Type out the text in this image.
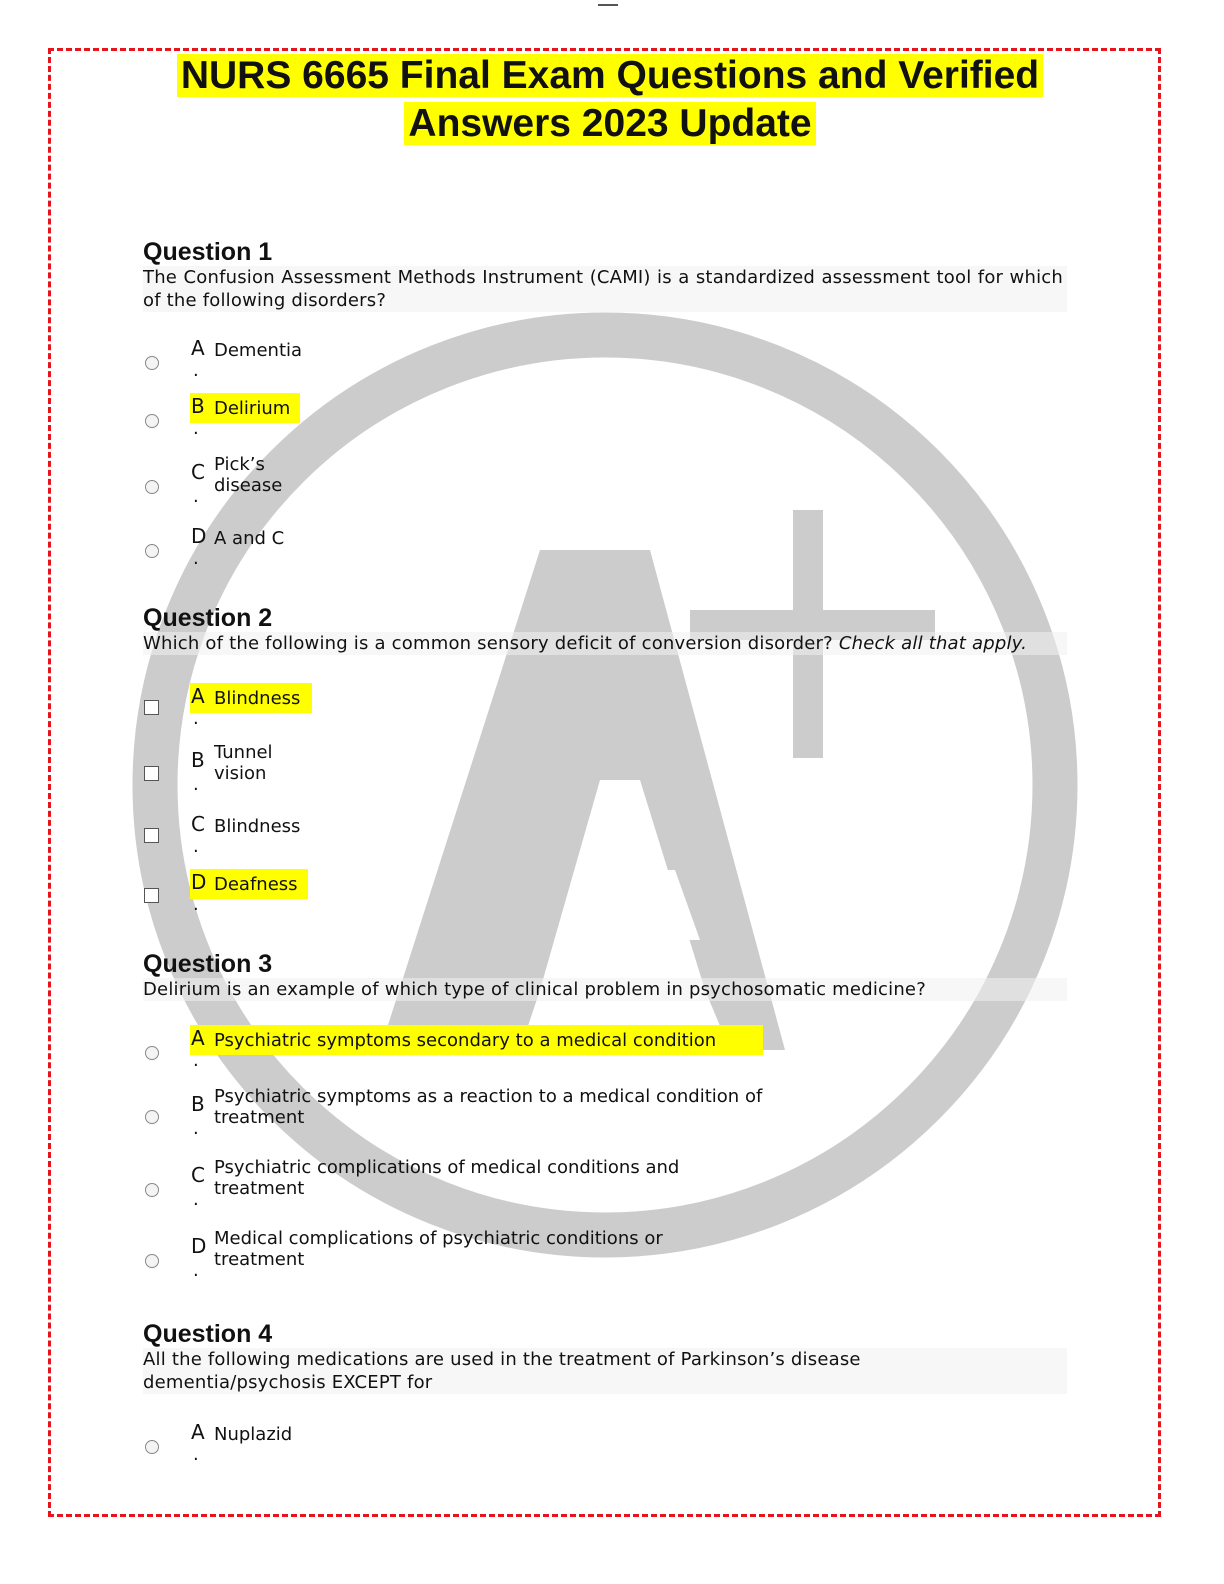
NURS 6665 Final Exam Questions and Verified
Answers 2023 Update
Question 1
The Confusion Assessment Methods Instrument (CAMI) is a standardized assessment tool for which of the following disorders?
A Dementia
.
B Delirium
.
C Pick’s disease
.
D A and C
.
Question 2
Which of the following is a common sensory deficit of conversion disorder? Check all that apply.
A Blindness
.
B Tunnel vision
.
C Blindness
.
D Deafness
.
Question 3
Delirium is an example of which type of clinical problem in psychosomatic medicine?
A Psychiatric symptoms secondary to a medical condition
.
B Psychiatric symptoms as a reaction to a medical condition of treatment
.
C Psychiatric complications of medical conditions and treatment
.
D Medical complications of psychiatric conditions or treatment
.
Question 4
All the following medications are used in the treatment of Parkinson’s disease dementia/psychosis EXCEPT for
A Nuplazid
.
